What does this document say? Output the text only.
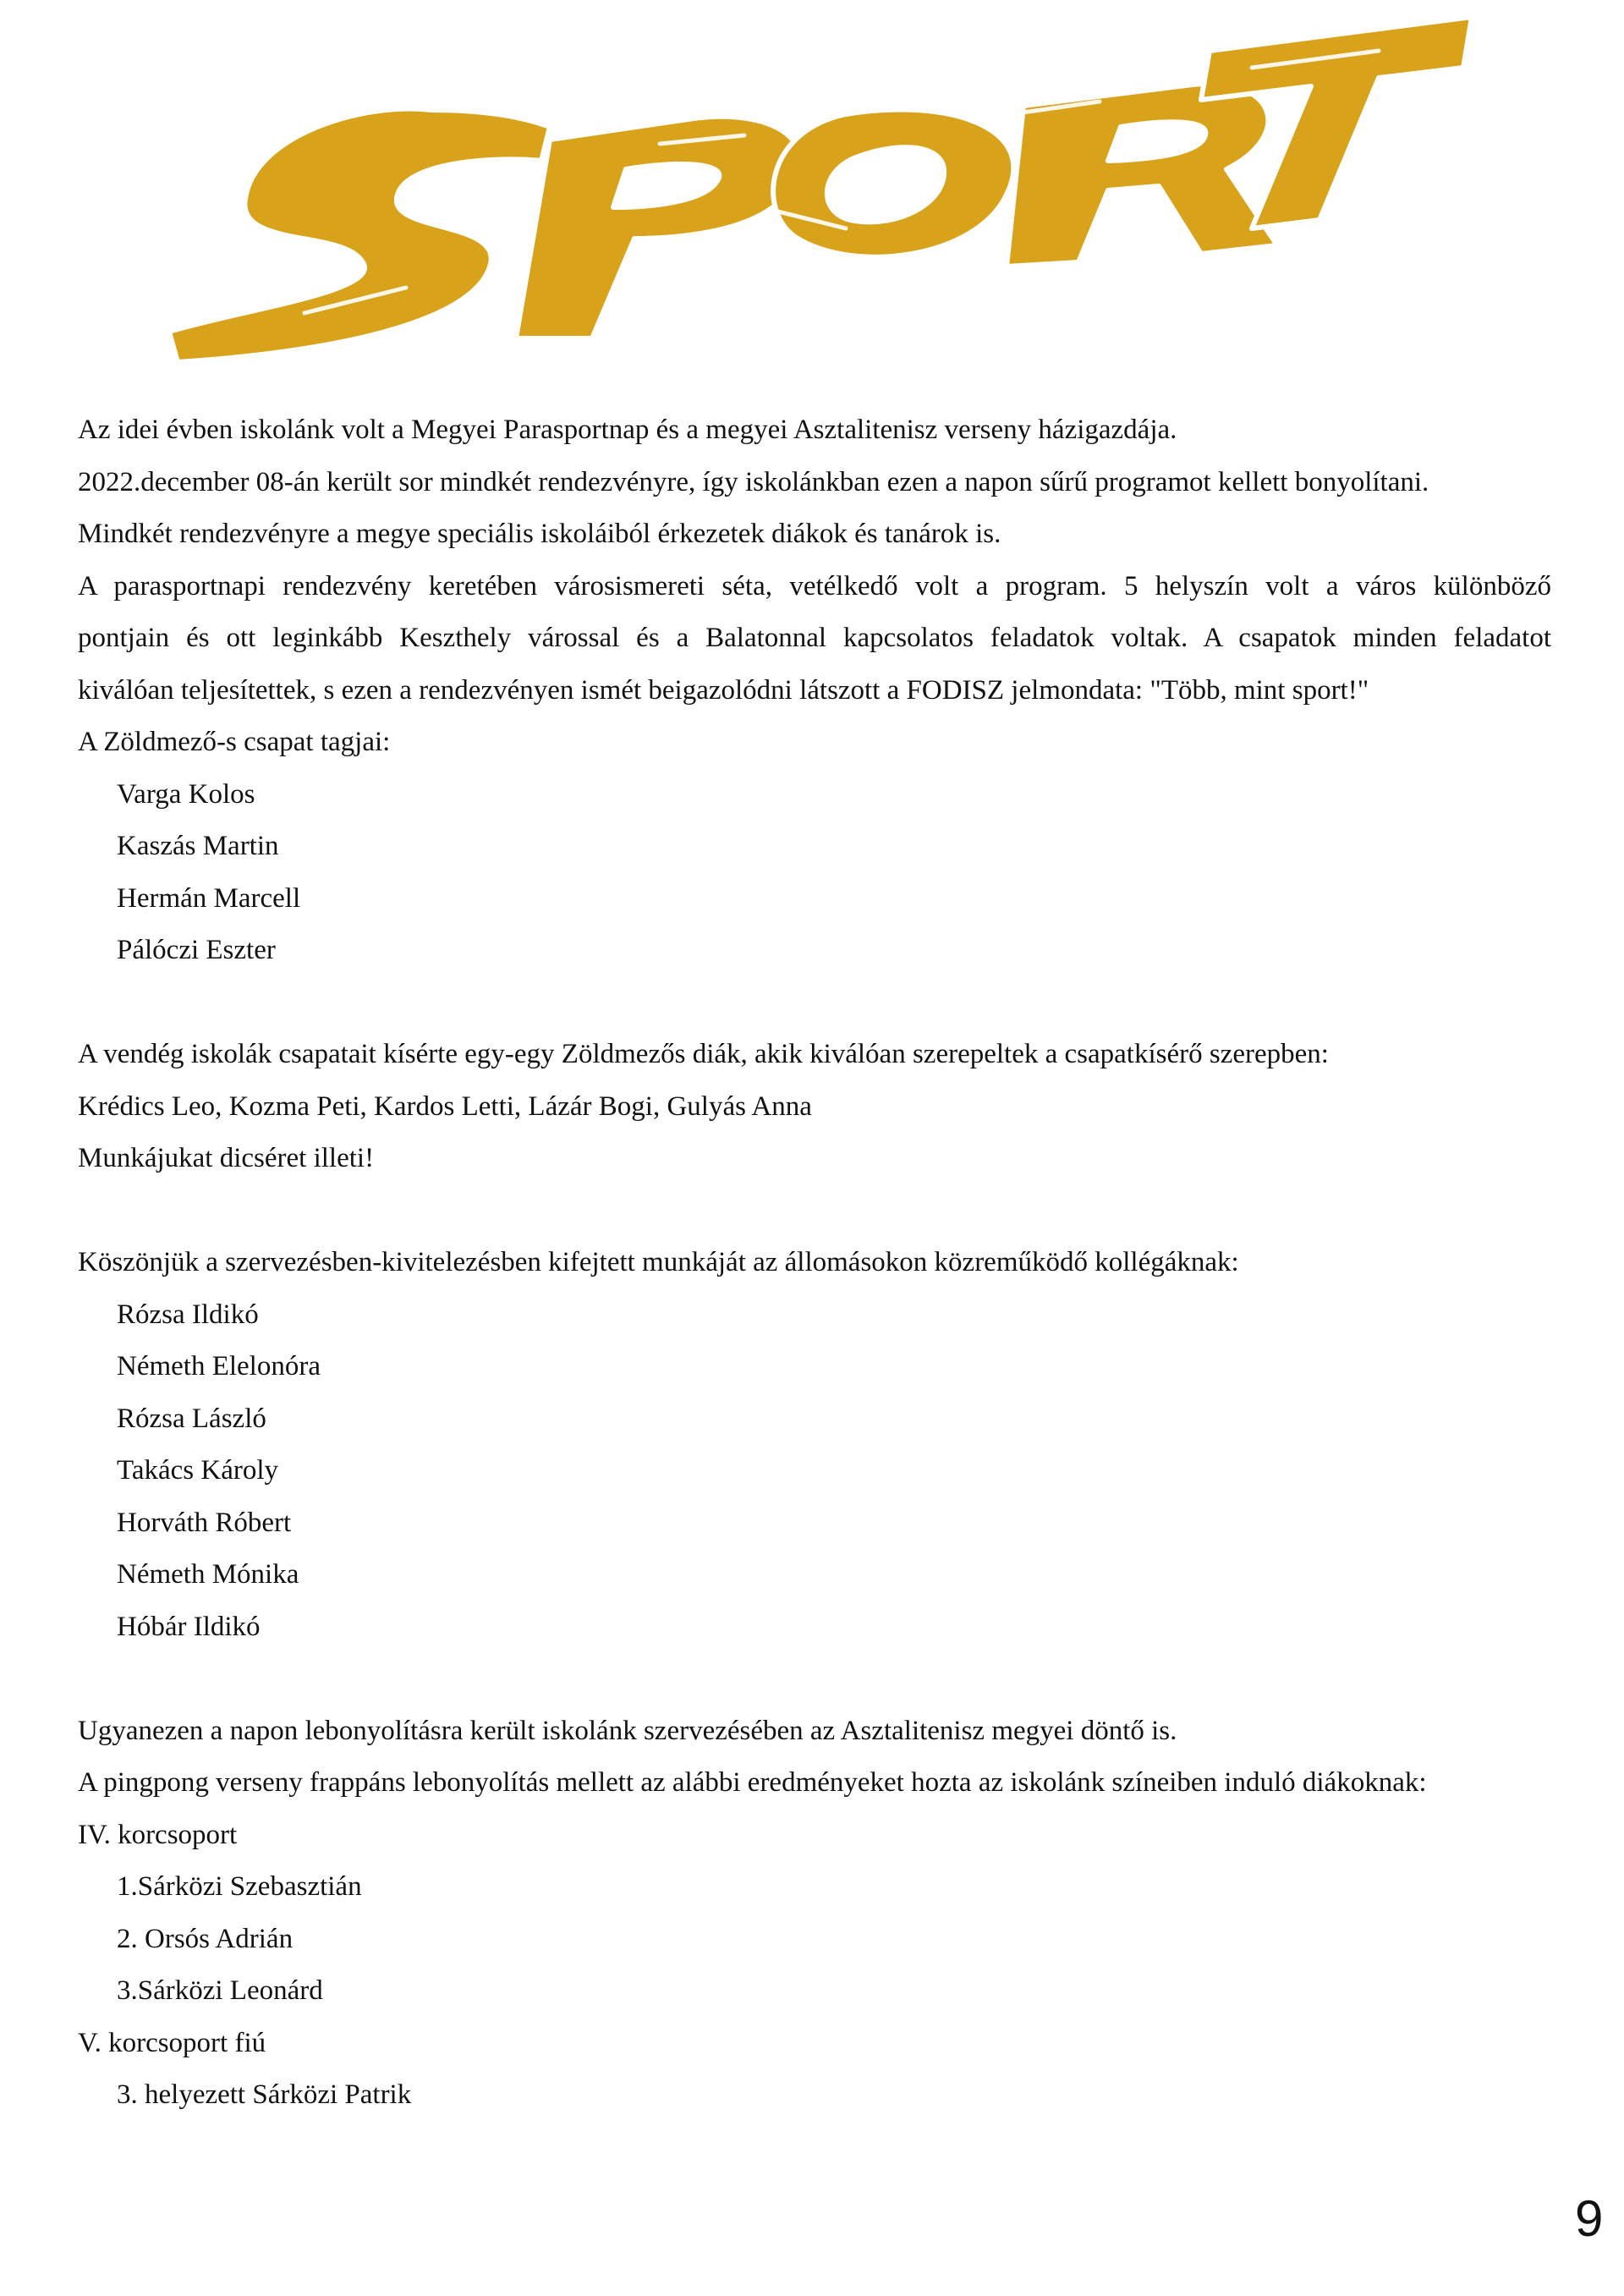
Az idei évben iskolánk volt a Megyei Parasportnap és a megyei Asztalitenisz verseny házigazdája.
2022.december 08-án került sor mindkét rendezvényre, így iskolánkban ezen a napon sűrű programot kellett bonyolítani.
Mindkét rendezvényre a megye speciális iskoláiból érkezetek diákok és tanárok is.
A parasportnapi rendezvény keretében városismereti séta, vetélkedő volt a program. 5 helyszín volt a város különböző
pontjain és ott leginkább Keszthely várossal és a Balatonnal kapcsolatos feladatok voltak. A csapatok minden feladatot
kiválóan teljesítettek, s ezen a rendezvényen ismét beigazolódni látszott a FODISZ jelmondata: "Több, mint sport!"
A Zöldmező-s csapat tagjai:
Varga Kolos
Kaszás Martin
Hermán Marcell
Pálóczi Eszter
A vendég iskolák csapatait kísérte egy-egy Zöldmezős diák, akik kiválóan szerepeltek a csapatkísérő szerepben:
Krédics Leo, Kozma Peti, Kardos Letti, Lázár Bogi, Gulyás Anna
Munkájukat dicséret illeti!
Köszönjük a szervezésben-kivitelezésben kifejtett munkáját az állomásokon közreműködő kollégáknak:
Rózsa Ildikó
Németh Elelonóra
Rózsa László
Takács Károly
Horváth Róbert
Németh Mónika
Hóbár Ildikó
Ugyanezen a napon lebonyolításra került iskolánk szervezésében az Asztalitenisz megyei döntő is.
A pingpong verseny frappáns lebonyolítás mellett az alábbi eredményeket hozta az iskolánk színeiben induló diákoknak:
IV. korcsoport
1.Sárközi Szebasztián
2. Orsós Adrián
3.Sárközi Leonárd
V. korcsoport fiú
3. helyezett Sárközi Patrik
9
